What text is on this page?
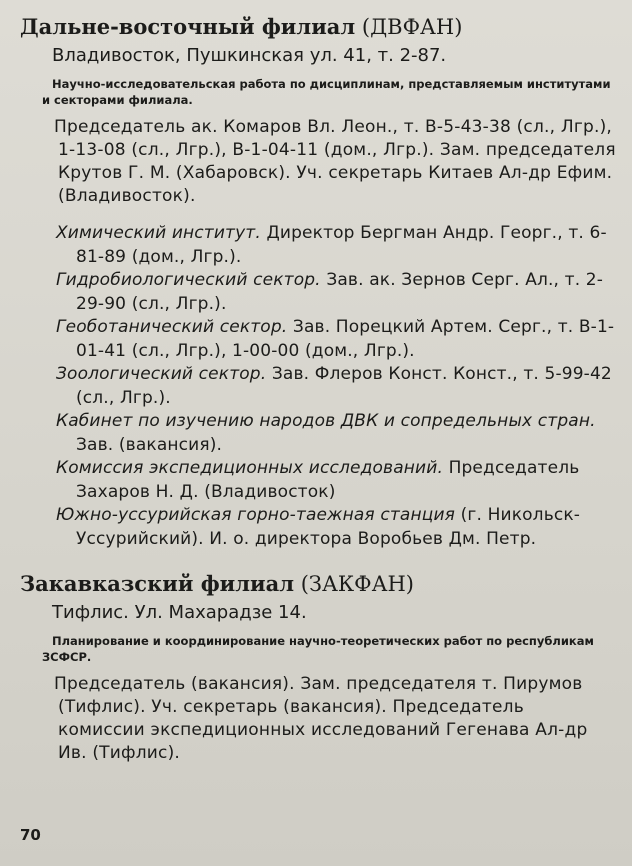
Дальне-восточный филиал (ДВФАН)
Владивосток, Пушкинская ул. 41, т. 2-87.
Научно-исследовательская работа по дисциплинам, представляемым институтами и секторами филиала.
Председатель ак. Комаров Вл. Леон., т. В-5-43-38 (сл., Лгр.), 1-13-08 (сл., Лгр.), В-1-04-11 (дом., Лгр.). Зам. председателя Крутов Г. М. (Хабаровск). Уч. секретарь Китаев Ал-др Ефим. (Владивосток).
Химический институт. Директор Бергман Андр. Георг., т. 6-81-89 (дом., Лгр.).
Гидробиологический сектор. Зав. ак. Зернов Серг. Ал., т. 2-29-90 (сл., Лгр.).
Геоботанический сектор. Зав. Порецкий Артем. Серг., т. В-1-01-41 (сл., Лгр.), 1-00-00 (дом., Лгр.).
Зоологический сектор. Зав. Флеров Конст. Конст., т. 5-99-42 (сл., Лгр.).
Кабинет по изучению народов ДВК и сопредельных стран. Зав. (вакансия).
Комиссия экспедиционных исследований. Председатель Захаров Н. Д. (Владивосток)
Южно-уссурийская горно-таежная станция (г. Никольск-Уссурийский). И. о. директора Воробьев Дм. Петр.
Закавказский филиал (ЗАКФАН)
Тифлис. Ул. Махарадзе 14.
Планирование и координирование научно-теоретических работ по республикам ЗСФСР.
Председатель (вакансия). Зам. председателя т. Пирумов (Тифлис). Уч. секретарь (вакансия). Председатель комиссии экспедиционных исследований Гегенава Ал-др Ив. (Тифлис).
70
